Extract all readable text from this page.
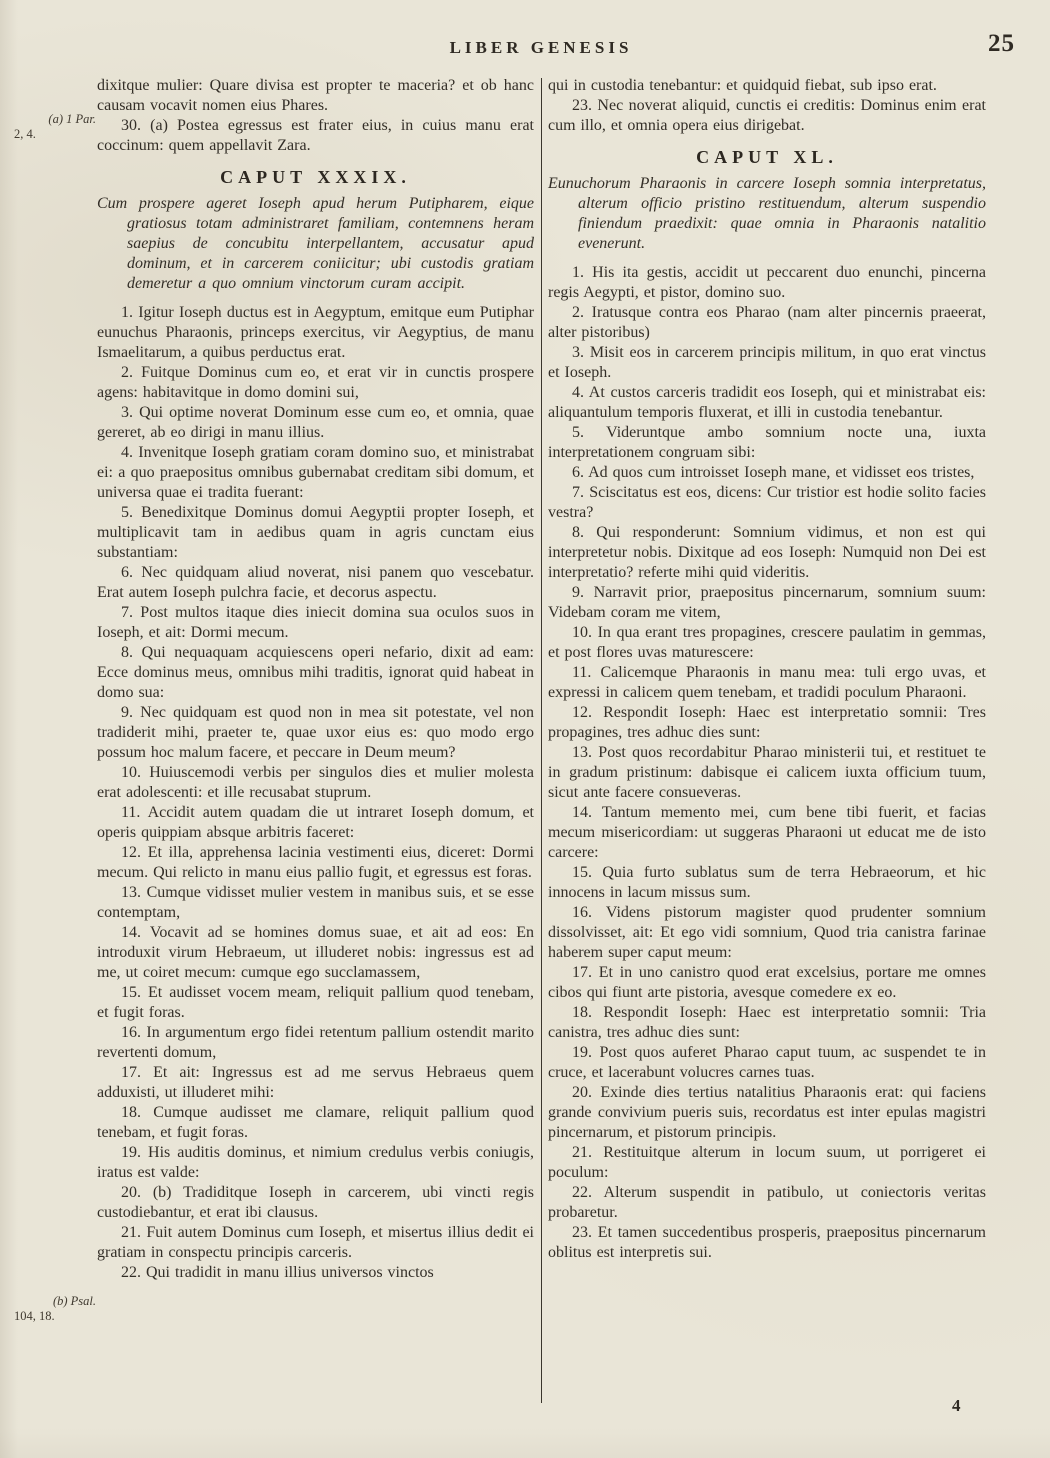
LIBER GENESIS	25
(a) 1 Par.
2, 4.
(b) Psal.
104, 18.

dixitque mulier: Quare divisa est propter te maceria? et ob hanc causam vocavit nomen eius Phares.

30. (a) Postea egressus est frater eius, in cuius manu erat coccinum: quem appellavit Zara.

CAPUT XXXIX.

Cum prospere ageret Ioseph apud herum Putipharem, eique gratiosus totam administraret familiam, contemnens heram saepius de concubitu interpellantem, accusatur apud dominum, et in carcerem coniicitur; ubi custodis gratiam demeretur a quo omnium vinctorum curam accipit.

1. Igitur Ioseph ductus est in Aegyptum, emitque eum Putiphar eunuchus Pharaonis, princeps exercitus, vir Aegyptius, de manu Ismaelitarum, a quibus perductus erat.

2. Fuitque Dominus cum eo, et erat vir in cunctis prospere agens: habitavitque in domo domini sui,

3. Qui optime noverat Dominum esse cum eo, et omnia, quae gereret, ab eo dirigi in manu illius.

4. Invenitque Ioseph gratiam coram domino suo, et ministrabat ei: a quo praepositus omnibus gubernabat creditam sibi domum, et universa quae ei tradita fuerant:

5. Benedixitque Dominus domui Aegyptii propter Ioseph, et multiplicavit tam in aedibus quam in agris cunctam eius substantiam:

6. Nec quidquam aliud noverat, nisi panem quo vescebatur. Erat autem Ioseph pulchra facie, et decorus aspectu.

7. Post multos itaque dies iniecit domina sua oculos suos in Ioseph, et ait: Dormi mecum.

8. Qui nequaquam acquiescens operi nefario, dixit ad eam: Ecce dominus meus, omnibus mihi traditis, ignorat quid habeat in domo sua:

9. Nec quidquam est quod non in mea sit potestate, vel non tradiderit mihi, praeter te, quae uxor eius es: quo modo ergo possum hoc malum facere, et peccare in Deum meum?

10. Huiuscemodi verbis per singulos dies et mulier molesta erat adolescenti: et ille recusabat stuprum.

11. Accidit autem quadam die ut intraret Ioseph domum, et operis quippiam absque arbitris faceret:

12. Et illa, apprehensa lacinia vestimenti eius, diceret: Dormi mecum. Qui relicto in manu eius pallio fugit, et egressus est foras.

13. Cumque vidisset mulier vestem in manibus suis, et se esse contemptam,

14. Vocavit ad se homines domus suae, et ait ad eos: En introduxit virum Hebraeum, ut illuderet nobis: ingressus est ad me, ut coiret mecum: cumque ego succlamassem,

15. Et audisset vocem meam, reliquit pallium quod tenebam, et fugit foras.

16. In argumentum ergo fidei retentum pallium ostendit marito revertenti domum,

17. Et ait: Ingressus est ad me servus Hebraeus quem adduxisti, ut illuderet mihi:

18. Cumque audisset me clamare, reliquit pallium quod tenebam, et fugit foras.

19. His auditis dominus, et nimium credulus verbis coniugis, iratus est valde:

20. (b) Tradiditque Ioseph in carcerem, ubi vincti regis custodiebantur, et erat ibi clausus.

21. Fuit autem Dominus cum Ioseph, et misertus illius dedit ei gratiam in conspectu principis carceris.

22. Qui tradidit in manu illius universos vinctos

qui in custodia tenebantur: et quidquid fiebat, sub ipso erat.

23. Nec noverat aliquid, cunctis ei creditis: Dominus enim erat cum illo, et omnia opera eius dirigebat.

CAPUT XL.

Eunuchorum Pharaonis in carcere Ioseph somnia interpretatus, alterum officio pristino restituendum, alterum suspendio finiendum praedixit: quae omnia in Pharaonis natalitio evenerunt.

1. His ita gestis, accidit ut peccarent duo enunchi, pincerna regis Aegypti, et pistor, domino suo.

2. Iratusque contra eos Pharao (nam alter pincernis praeerat, alter pistoribus)

3. Misit eos in carcerem principis militum, in quo erat vinctus et Ioseph.

4. At custos carceris tradidit eos Ioseph, qui et ministrabat eis: aliquantulum temporis fluxerat, et illi in custodia tenebantur.

5. Videruntque ambo somnium nocte una, iuxta interpretationem congruam sibi:

6. Ad quos cum introisset Ioseph mane, et vidisset eos tristes,

7. Sciscitatus est eos, dicens: Cur tristior est hodie solito facies vestra?

8. Qui responderunt: Somnium vidimus, et non est qui interpretetur nobis. Dixitque ad eos Ioseph: Numquid non Dei est interpretatio? referte mihi quid videritis.

9. Narravit prior, praepositus pincernarum, somnium suum: Videbam coram me vitem,

10. In qua erant tres propagines, crescere paulatim in gemmas, et post flores uvas maturescere:

11. Calicemque Pharaonis in manu mea: tuli ergo uvas, et expressi in calicem quem tenebam, et tradidi poculum Pharaoni.

12. Respondit Ioseph: Haec est interpretatio somnii: Tres propagines, tres adhuc dies sunt:

13. Post quos recordabitur Pharao ministerii tui, et restituet te in gradum pristinum: dabisque ei calicem iuxta officium tuum, sicut ante facere consueveras.

14. Tantum memento mei, cum bene tibi fuerit, et facias mecum misericordiam: ut suggeras Pharaoni ut educat me de isto carcere:

15. Quia furto sublatus sum de terra Hebraeorum, et hic innocens in lacum missus sum.

16. Videns pistorum magister quod prudenter somnium dissolvisset, ait: Et ego vidi somnium, Quod tria canistra farinae haberem super caput meum:

17. Et in uno canistro quod erat excelsius, portare me omnes cibos qui fiunt arte pistoria, avesque comedere ex eo.

18. Respondit Ioseph: Haec est interpretatio somnii: Tria canistra, tres adhuc dies sunt:

19. Post quos auferet Pharao caput tuum, ac suspendet te in cruce, et lacerabunt volucres carnes tuas.

20. Exinde dies tertius natalitius Pharaonis erat: qui faciens grande convivium pueris suis, recordatus est inter epulas magistri pincernarum, et pistorum principis.

21. Restituitque alterum in locum suum, ut porrigeret ei poculum:

22. Alterum suspendit in patibulo, ut coniectoris veritas probaretur.

23. Et tamen succedentibus prosperis, praepositus pincernarum oblitus est interpretis sui.

4
